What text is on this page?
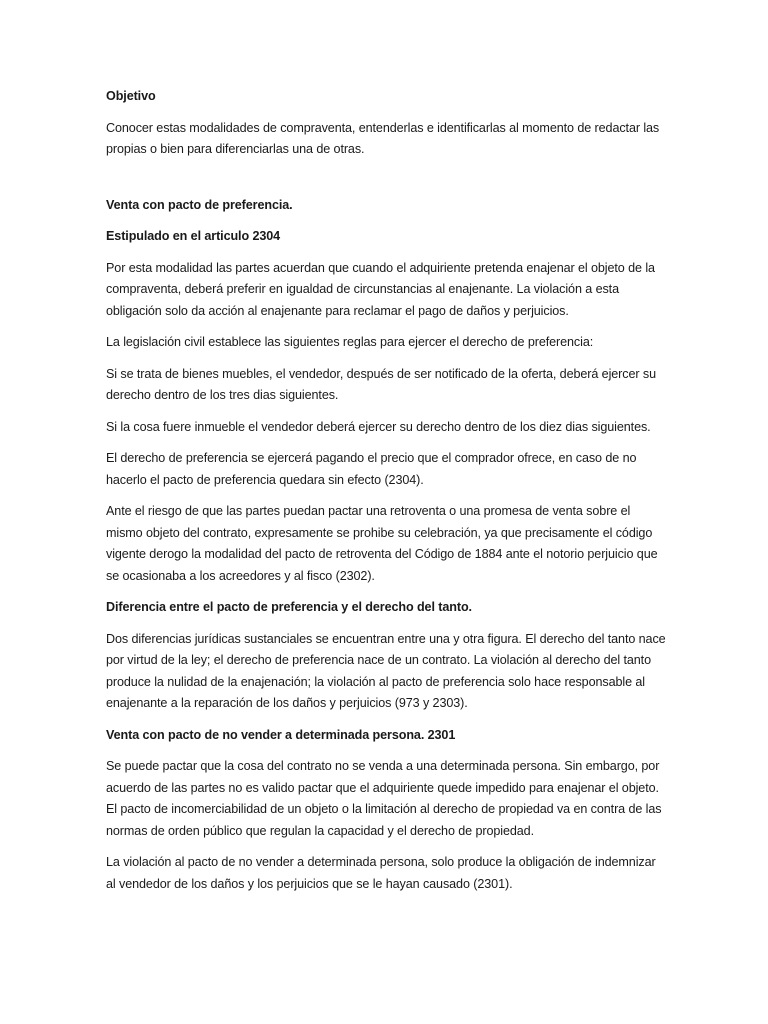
Objetivo
Conocer estas modalidades de compraventa, entenderlas e identificarlas al momento de redactar las propias o bien para diferenciarlas una de otras.
Venta con pacto de preferencia.
Estipulado en el articulo 2304
Por esta modalidad las partes acuerdan que cuando el adquiriente pretenda enajenar el objeto de la compraventa, deberá preferir en igualdad de circunstancias al enajenante. La violación a esta obligación solo da acción al enajenante para reclamar el pago de daños y perjuicios.
La legislación civil establece las siguientes reglas para ejercer el derecho de preferencia:
Si se trata de bienes muebles, el vendedor, después de ser notificado de la oferta, deberá ejercer su derecho dentro de los tres dias siguientes.
Si la cosa fuere inmueble el vendedor deberá ejercer su derecho dentro de los diez dias siguientes.
El derecho de preferencia se ejercerá pagando el precio que el comprador ofrece, en caso de no hacerlo el pacto de preferencia quedara sin efecto (2304).
Ante el riesgo de que las partes puedan pactar una retroventa o una promesa de venta sobre el mismo objeto del contrato, expresamente se prohibe su celebración, ya que precisamente el código vigente derogo la modalidad del pacto de retroventa del Código de 1884 ante el notorio perjuicio que se ocasionaba a los acreedores y al fisco (2302).
Diferencia entre el pacto de preferencia y el derecho del tanto.
Dos diferencias jurídicas sustanciales se encuentran entre una y otra figura. El derecho del tanto nace por virtud de la ley; el derecho de preferencia nace de un contrato. La violación al derecho del tanto produce la nulidad de la enajenación; la violación al pacto de preferencia solo hace responsable al enajenante a la reparación de los daños y perjuicios (973 y 2303).
Venta con pacto de no vender a determinada persona. 2301
Se puede pactar que la cosa del contrato no se venda a una determinada persona. Sin embargo, por acuerdo de las partes no es valido pactar que el adquiriente quede impedido para enajenar el objeto. El pacto de incomerciabilidad de un objeto o la limitación al derecho de propiedad va en contra de las normas de orden público que regulan la capacidad y el derecho de propiedad.
La violación al pacto de no vender a determinada persona, solo produce la obligación de indemnizar al vendedor de los daños y los perjuicios que se le hayan causado (2301).
